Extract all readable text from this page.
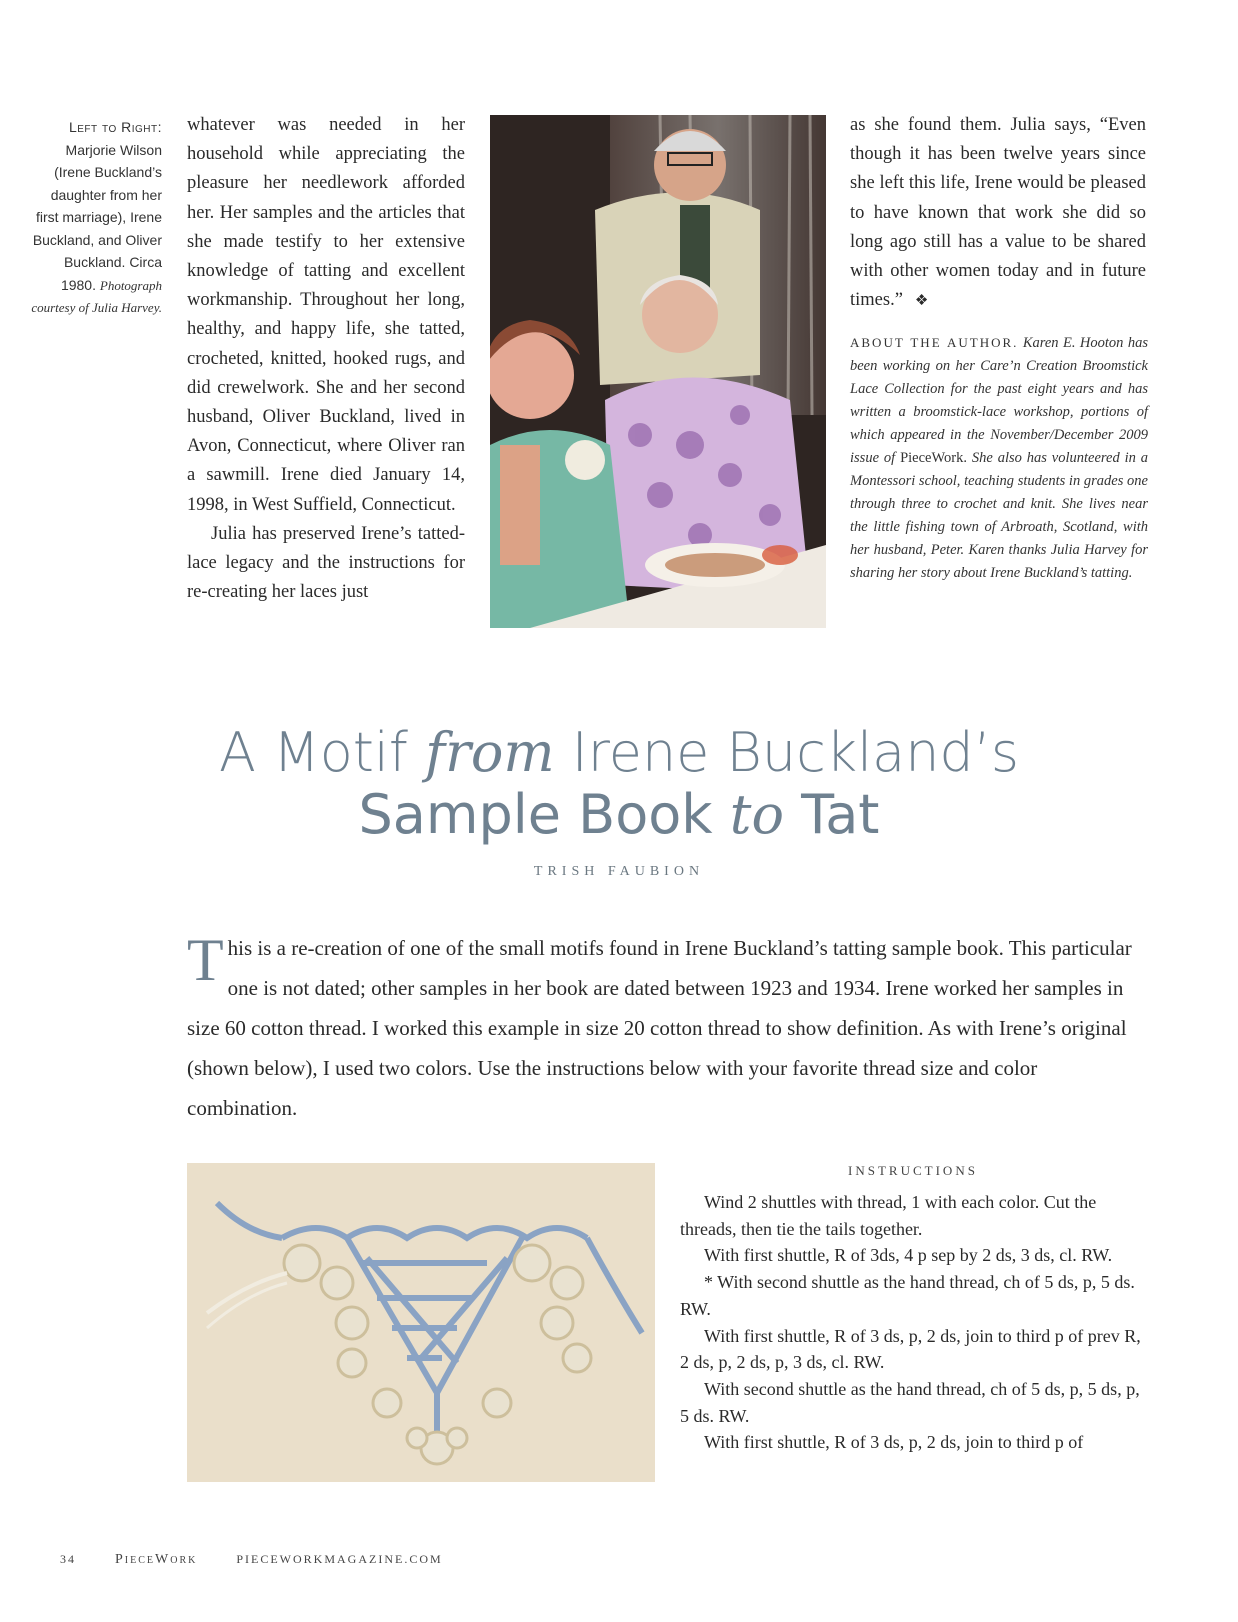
Left to Right: Marjorie Wilson (Irene Buckland’s daughter from her first marriage), Irene Buckland, and Oliver Buckland. Circa 1980. Photograph courtesy of Julia Harvey.

whatever was needed in her household while appreciating the pleasure her needlework afforded her. Her samples and the articles that she made testify to her extensive knowledge of tatting and excellent workmanship. Throughout her long, healthy, and happy life, she tatted, crocheted, knitted, hooked rugs, and did crewelwork. She and her second husband, Oliver Buckland, lived in Avon, Connecticut, where Oliver ran a sawmill. Irene died January 14, 1998, in West Suffield, Connecticut.

Julia has preserved Irene’s tatted-lace legacy and the instructions for re-creating her laces just

as she found them. Julia says, “Even though it has been twelve years since she left this life, Irene would be pleased to have known that work she did so long ago still has a value to be shared with other women today and in future times.” ❖

ABOUT THE AUTHOR. Karen E. Hooton has been working on her Care’n Creation Broomstick Lace Collection for the past eight years and has written a broomstick-lace workshop, portions of which appeared in the November/December 2009 issue of PieceWork. She also has volunteered in a Montessori school, teaching students in grades one through three to crochet and knit. She lives near the little fishing town of Arbroath, Scotland, with her husband, Peter. Karen thanks Julia Harvey for sharing her story about Irene Buckland’s tatting.
A Motif from Irene Buckland’s
Sample Book to Tat
TRISH FAUBION
T his is a re-creation of one of the small motifs found in Irene Buckland’s tatting sample book. This particular one is not dated; other samples in her book are dated between 1923 and 1934. Irene worked her samples in size 60 cotton thread. I worked this example in size 20 cotton thread to show definition. As with Irene’s original (shown below), I used two colors. Use the instructions below with your favorite thread size and color combination.
INSTRUCTIONS

Wind 2 shuttles with thread, 1 with each color. Cut the threads, then tie the tails together.

With first shuttle, R of 3ds, 4 p sep by 2 ds, 3 ds, cl. RW.

* With second shuttle as the hand thread, ch of 5 ds, p, 5 ds. RW.

With first shuttle, R of 3 ds, p, 2 ds, join to third p of prev R, 2 ds, p, 2 ds, p, 3 ds, cl. RW.

With second shuttle as the hand thread, ch of 5 ds, p, 5 ds, p, 5 ds. RW.

With first shuttle, R of 3 ds, p, 2 ds, join to third p of

34	PieceWork	PIECEWORKMAGAZINE.COM
